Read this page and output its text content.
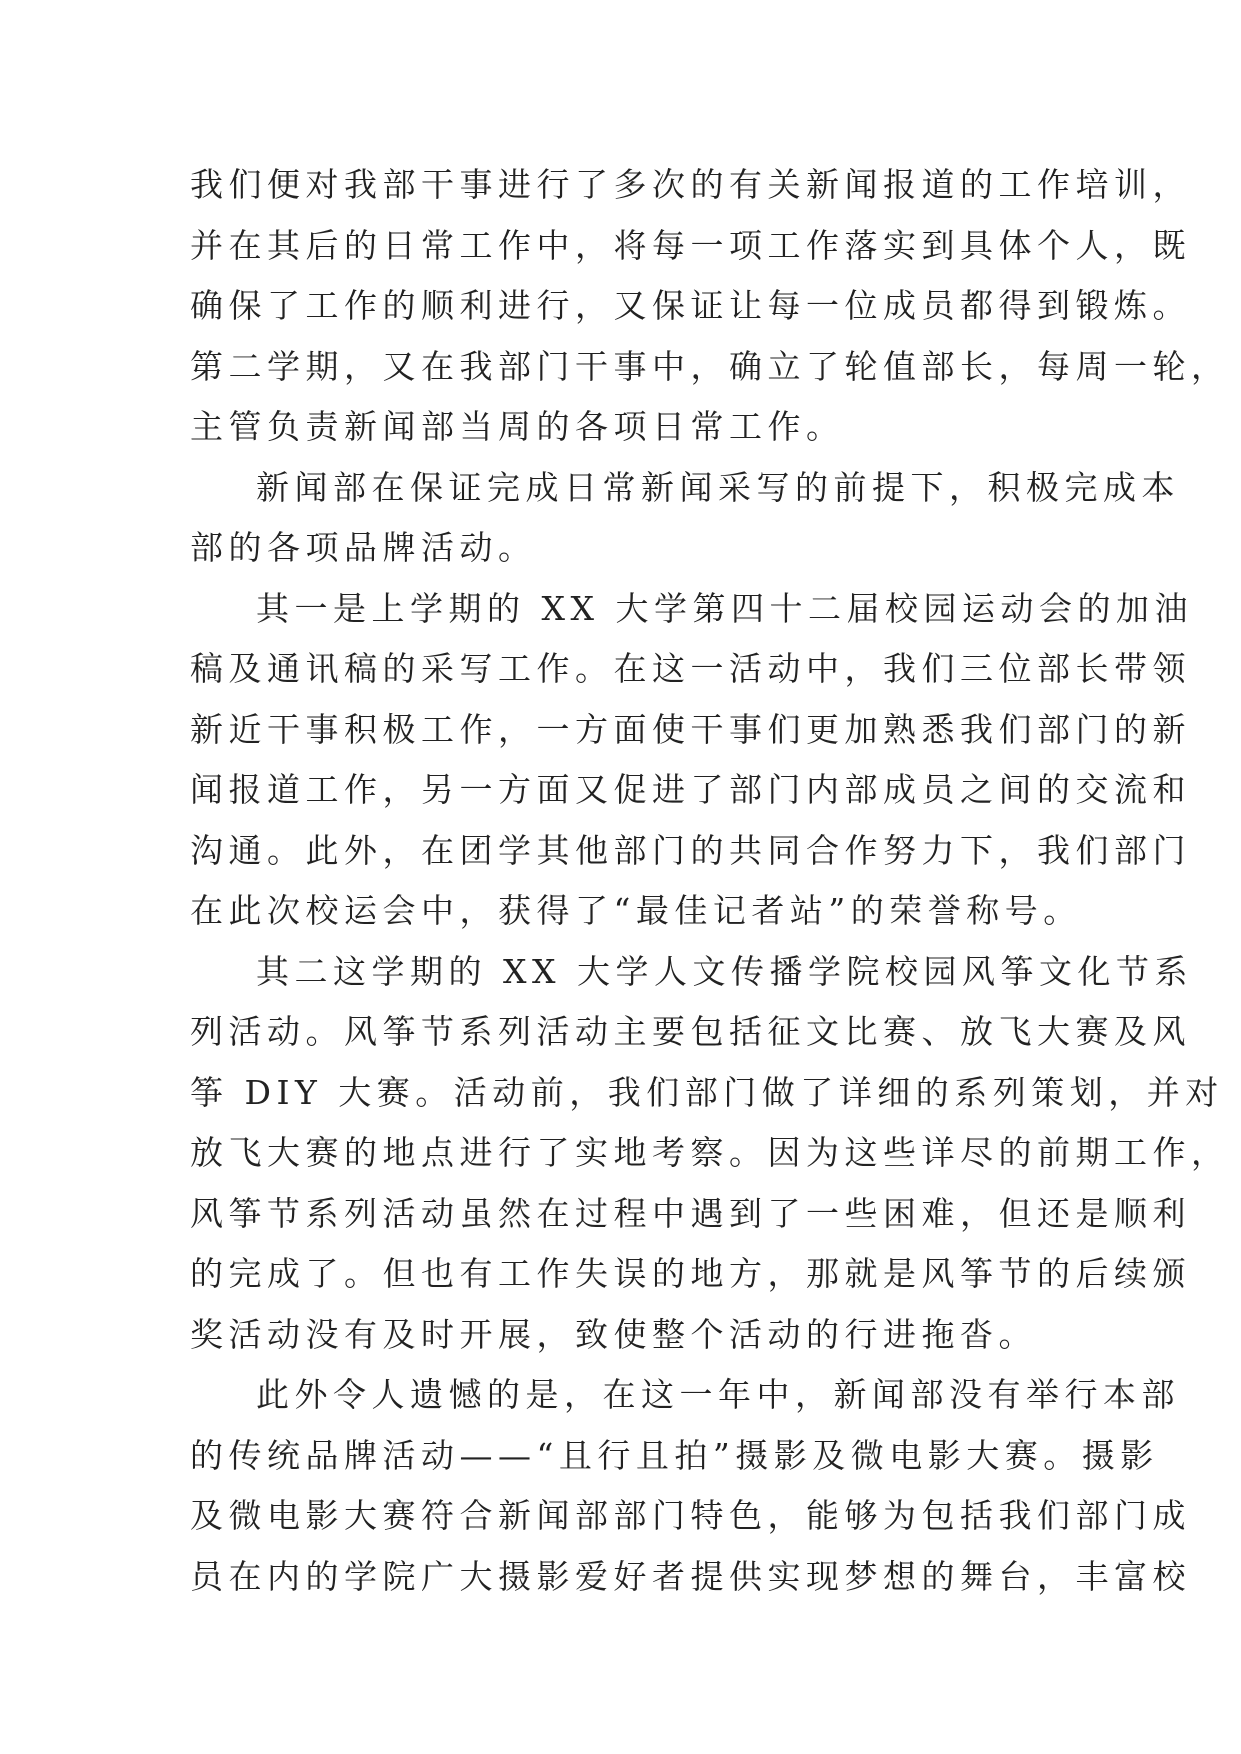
我们便对我部干事进行了多次的有关新闻报道的工作培训，
并在其后的日常工作中，将每一项工作落实到具体个人，既
确保了工作的顺利进行，又保证让每一位成员都得到锻炼。
第二学期，又在我部门干事中，确立了轮值部长，每周一轮，
主管负责新闻部当周的各项日常工作。

新闻部在保证完成日常新闻采写的前提下，积极完成本
部的各项品牌活动。

其一是上学期的 XX 大学第四十二届校园运动会的加油
稿及通讯稿的采写工作。在这一活动中，我们三位部长带领
新近干事积极工作，一方面使干事们更加熟悉我们部门的新
闻报道工作，另一方面又促进了部门内部成员之间的交流和
沟通。此外，在团学其他部门的共同合作努力下，我们部门
在此次校运会中，获得了“最佳记者站”的荣誉称号。

其二这学期的 XX 大学人文传播学院校园风筝文化节系
列活动。风筝节系列活动主要包括征文比赛、放飞大赛及风
筝 DIY 大赛。活动前，我们部门做了详细的系列策划，并对
放飞大赛的地点进行了实地考察。因为这些详尽的前期工作，
风筝节系列活动虽然在过程中遇到了一些困难，但还是顺利
的完成了。但也有工作失误的地方，那就是风筝节的后续颁
奖活动没有及时开展，致使整个活动的行进拖沓。

此外令人遗憾的是，在这一年中，新闻部没有举行本部
的传统品牌活动——“且行且拍”摄影及微电影大赛。摄影
及微电影大赛符合新闻部部门特色，能够为包括我们部门成
员在内的学院广大摄影爱好者提供实现梦想的舞台，丰富校
